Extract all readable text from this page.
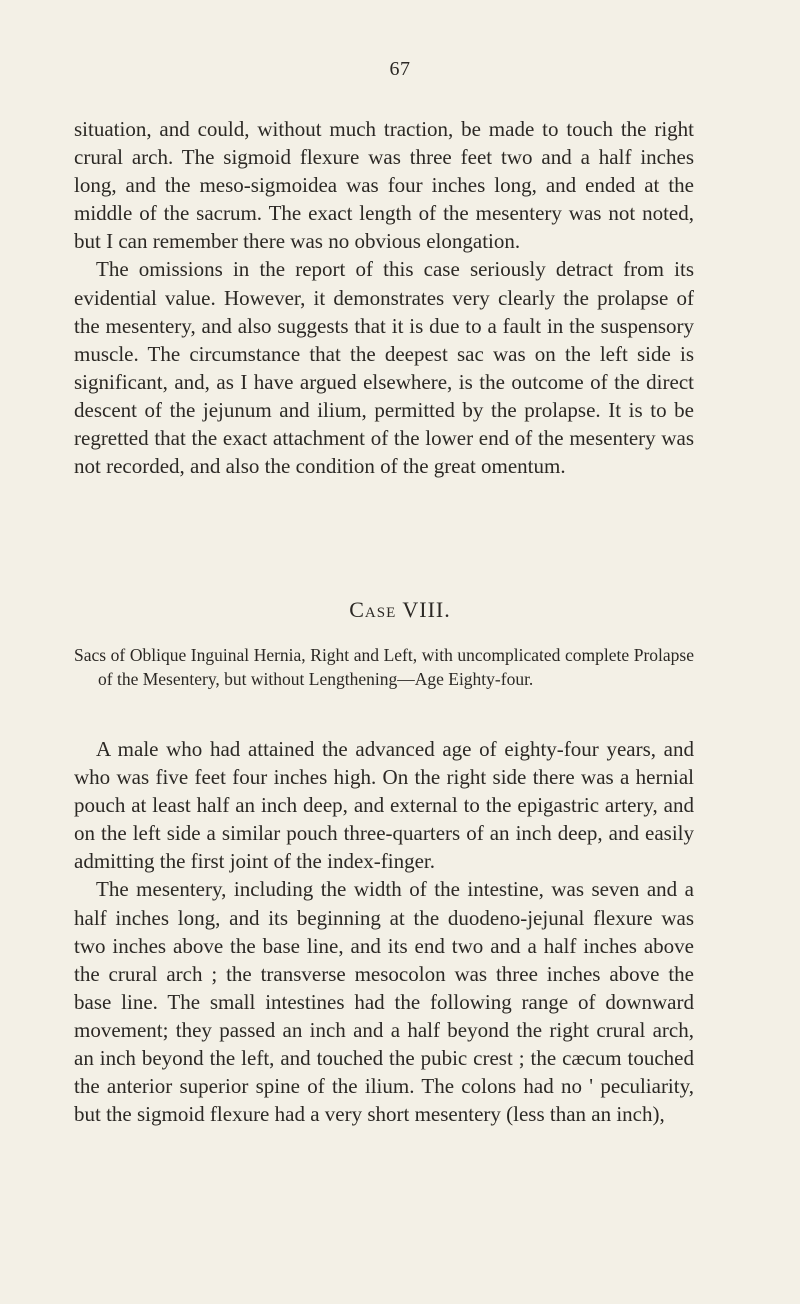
67

situation, and could, without much traction, be made to touch the right crural arch. The sigmoid flexure was three feet two and a half inches long, and the meso-sigmoidea was four inches long, and ended at the middle of the sacrum. The exact length of the mesentery was not noted, but I can remember there was no obvious elongation.

The omissions in the report of this case seriously detract from its evidential value. However, it demonstrates very clearly the prolapse of the mesentery, and also suggests that it is due to a fault in the suspensory muscle. The circumstance that the deepest sac was on the left side is significant, and, as I have argued elsewhere, is the outcome of the direct descent of the jejunum and ilium, permitted by the prolapse. It is to be regretted that the exact attachment of the lower end of the mesentery was not recorded, and also the condition of the great omentum.

Case VIII.
Sacs of Oblique Inguinal Hernia, Right and Left, with uncomplicated complete Prolapse of the Mesentery, but without Lengthening—Age Eighty-four.

A male who had attained the advanced age of eighty-four years, and who was five feet four inches high. On the right side there was a hernial pouch at least half an inch deep, and external to the epigastric artery, and on the left side a similar pouch three-quarters of an inch deep, and easily admitting the first joint of the index-finger.

The mesentery, including the width of the intestine, was seven and a half inches long, and its beginning at the duodeno-jejunal flexure was two inches above the base line, and its end two and a half inches above the crural arch ; the transverse mesocolon was three inches above the base line. The small intestines had the following range of downward movement; they passed an inch and a half beyond the right crural arch, an inch beyond the left, and touched the pubic crest ; the cæcum touched the anterior superior spine of the ilium. The colons had no ' peculiarity, but the sigmoid flexure had a very short mesentery (less than an inch),
